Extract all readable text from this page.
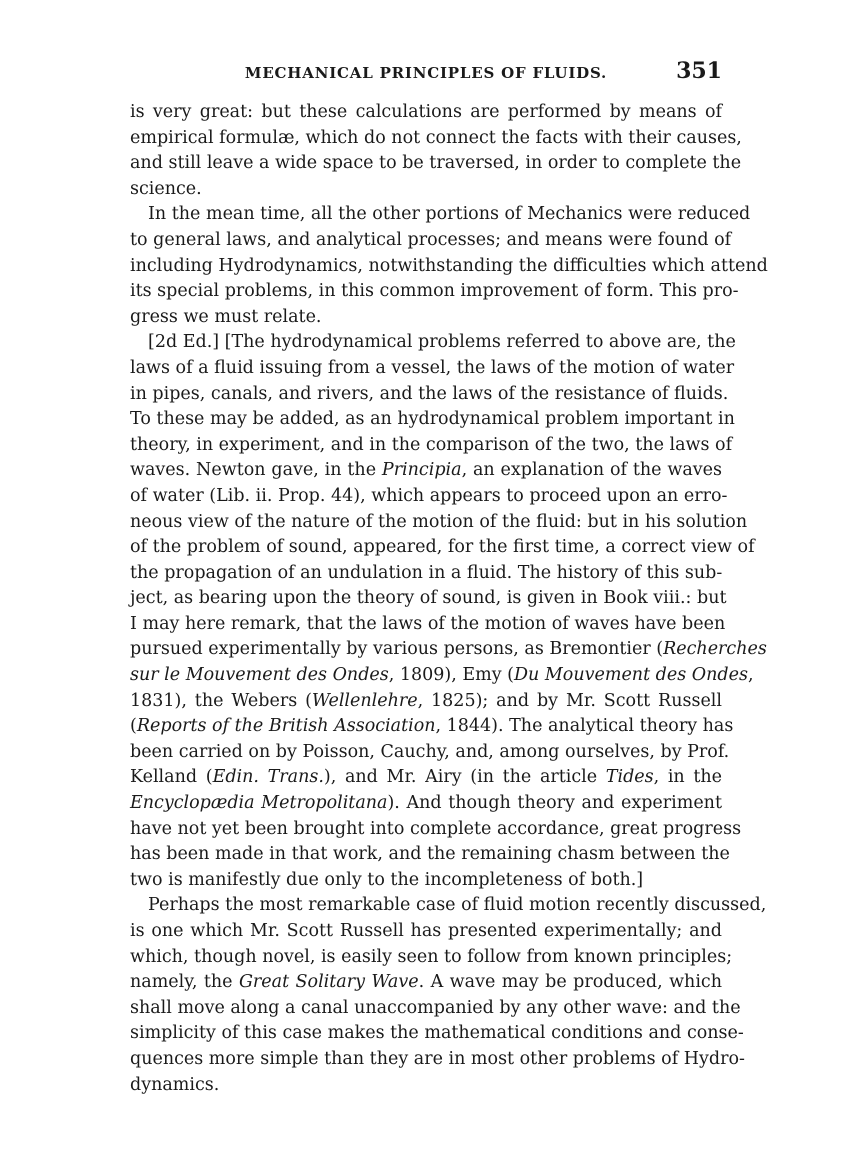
MECHANICAL PRINCIPLES OF FLUIDS.	351
is very great: but these calculations are performed by means of
empirical formulæ, which do not connect the facts with their causes,
and still leave a wide space to be traversed, in order to complete the
science.
In the mean time, all the other portions of Mechanics were reduced
to general laws, and analytical processes; and means were found of
including Hydrodynamics, notwithstanding the difficulties which attend
its special problems, in this common improvement of form. This pro-
gress we must relate.
[2d Ed.] [The hydrodynamical problems referred to above are, the
laws of a fluid issuing from a vessel, the laws of the motion of water
in pipes, canals, and rivers, and the laws of the resistance of fluids.
To these may be added, as an hydrodynamical problem important in
theory, in experiment, and in the comparison of the two, the laws of
waves. Newton gave, in the Principia, an explanation of the waves
of water (Lib. ii. Prop. 44), which appears to proceed upon an erro-
neous view of the nature of the motion of the fluid: but in his solution
of the problem of sound, appeared, for the first time, a correct view of
the propagation of an undulation in a fluid. The history of this sub-
ject, as bearing upon the theory of sound, is given in Book viii.: but
I may here remark, that the laws of the motion of waves have been
pursued experimentally by various persons, as Bremontier (Recherches
sur le Mouvement des Ondes, 1809), Emy (Du Mouvement des Ondes,
1831), the Webers (Wellenlehre, 1825); and by Mr. Scott Russell
(Reports of the British Association, 1844). The analytical theory has
been carried on by Poisson, Cauchy, and, among ourselves, by Prof.
Kelland (Edin. Trans.), and Mr. Airy (in the article Tides, in the
Encyclopædia Metropolitana). And though theory and experiment
have not yet been brought into complete accordance, great progress
has been made in that work, and the remaining chasm between the
two is manifestly due only to the incompleteness of both.]
Perhaps the most remarkable case of fluid motion recently discussed,
is one which Mr. Scott Russell has presented experimentally; and
which, though novel, is easily seen to follow from known principles;
namely, the Great Solitary Wave. A wave may be produced, which
shall move along a canal unaccompanied by any other wave: and the
simplicity of this case makes the mathematical conditions and conse-
quences more simple than they are in most other problems of Hydro-
dynamics.
